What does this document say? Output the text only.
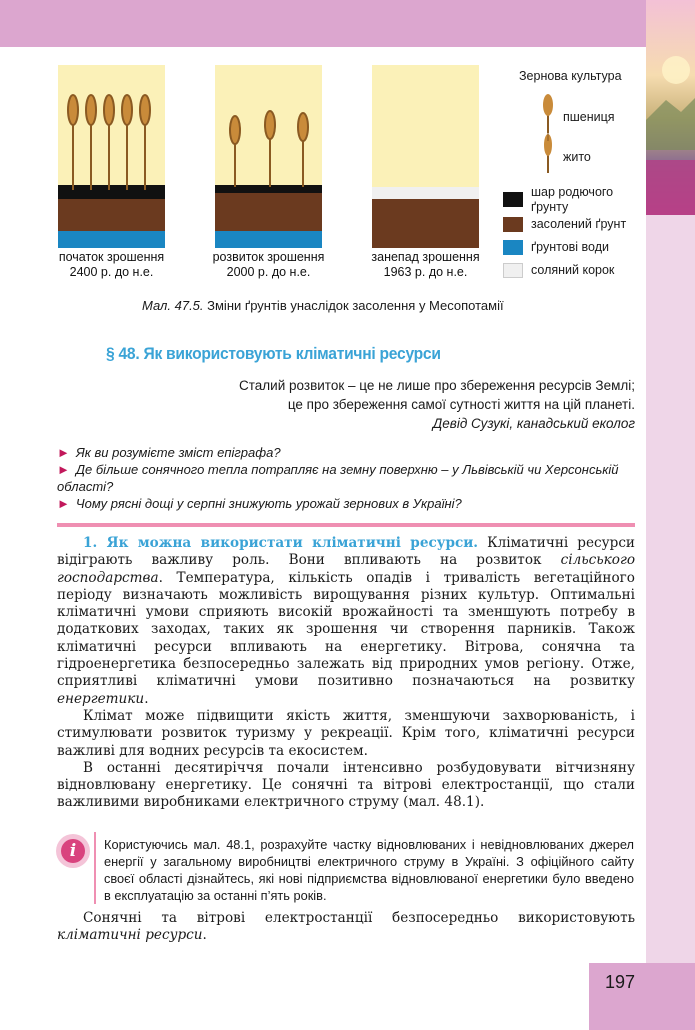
початок зрошення
2400 р. до н.е.
розвиток зрошення
2000 р. до н.е.
занепад зрошення
1963 р. до н.е.
Зернова культура
пшениця
жито
шар родючого
ґрунту
засолений ґрунт
ґрунтові води
соляний корок
Мал. 47.5. Зміни ґрунтів унаслідок засолення у Месопотамії
§ 48. Як використовують кліматичні ресурси
Сталий розвиток – це не лише про збереження ресурсів Землі;
це про збереження самої сутності життя на цій планеті.
Девід Сузукі, канадський еколог
► Як ви розумієте зміст епіграфа?
► Де більше сонячного тепла потрапляє на земну поверхню – у Львівській чи Херсонській області?
► Чому рясні дощі у серпні знижують урожай зернових в Україні?

1. Як можна використати кліматичні ресурси. Кліматичні ресурси відіграють важливу роль. Вони впливають на розвиток сільського господарства. Температура, кількість опадів і тривалість вегетаційного періоду визначають можливість вирощування різних культур. Оптимальні кліматичні умови сприяють високій врожайності та зменшують потребу в додаткових заходах, таких як зрошення чи створення парників. Також кліматичні ресурси впливають на енергетику. Вітрова, сонячна та гідроенергетика безпосередньо залежать від природних умов регіону. Отже, сприятливі кліматичні умови позитивно позначаються на розвитку енергетики.

Клімат може підвищити якість життя, зменшуючи захворюваність, і стимулювати розвиток туризму у рекреації. Крім того, кліматичні ресурси важливі для водних ресурсів та екосистем.

В останні десятиріччя почали інтенсивно розбудовувати вітчизняну відновлювану енергетику. Це сонячні та вітрові електростанції, що стали важливими виробниками електричного струму (мал. 48.1).

i	Користуючись мал. 48.1, розрахуйте частку відновлюваних і невідновлюваних джерел енергії у загальному виробництві електричного струму в Україні. З офіційного сайту своєї області дізнайтесь, які нові підприємства відновлюваної енергетики було введено в експлуатацію за останні п’ять років.

Сонячні та вітрові електростанції безпосередньо використовують кліматичні ресурси.

197
